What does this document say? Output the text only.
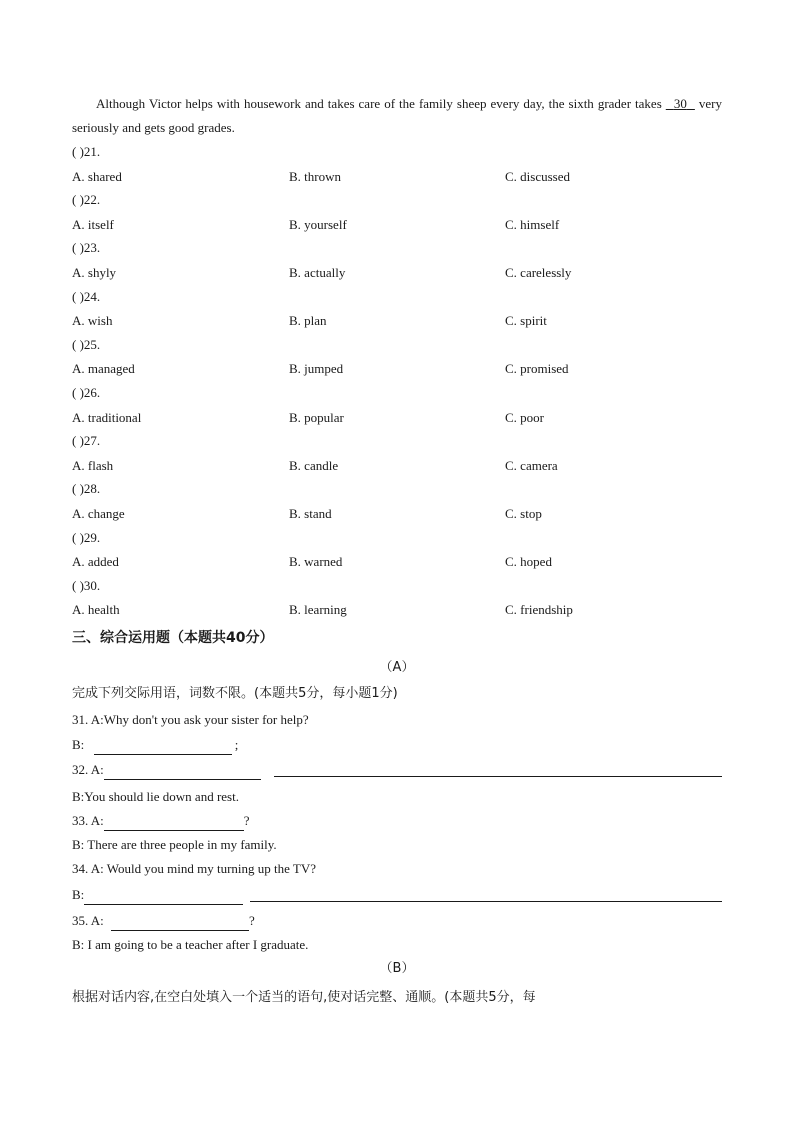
Although Victor helps with housework and takes care of the family sheep every day, the sixth grader takes   30   very seriously and gets good grades.
( )21.
A. shared	B. thrown	C. discussed
( )22.
A. itself	B. yourself	C. himself
( )23.
A. shyly	B. actually	C. carelessly
( )24.
A. wish	B. plan	C. spirit
( )25.
A. managed	B. jumped	C. promised
( )26.
A. traditional	B. popular	C. poor
( )27.
A. flash	B. candle	C. camera
( )28.
A. change	B. stand	C. stop
( )29.
A. added	B. warned	C. hoped
( )30.
A. health	B. learning	C. friendship
三、综合运用题（本题共40分）
（A）
完成下列交际用语，词数不限。(本题共5分，每小题1分)
31. A:Why don't you ask your sister for help?
B:	;
32. A:
B:You should lie down and rest.
33. A:	?
B: There are three people in my family.
34. A: Would you mind my turning up the TV?
B:
35. A:	?
B: I am going to be a teacher after I graduate.
（B）
根据对话内容,在空白处填入一个适当的语句,使对话完整、通顺。(本题共5分，每
